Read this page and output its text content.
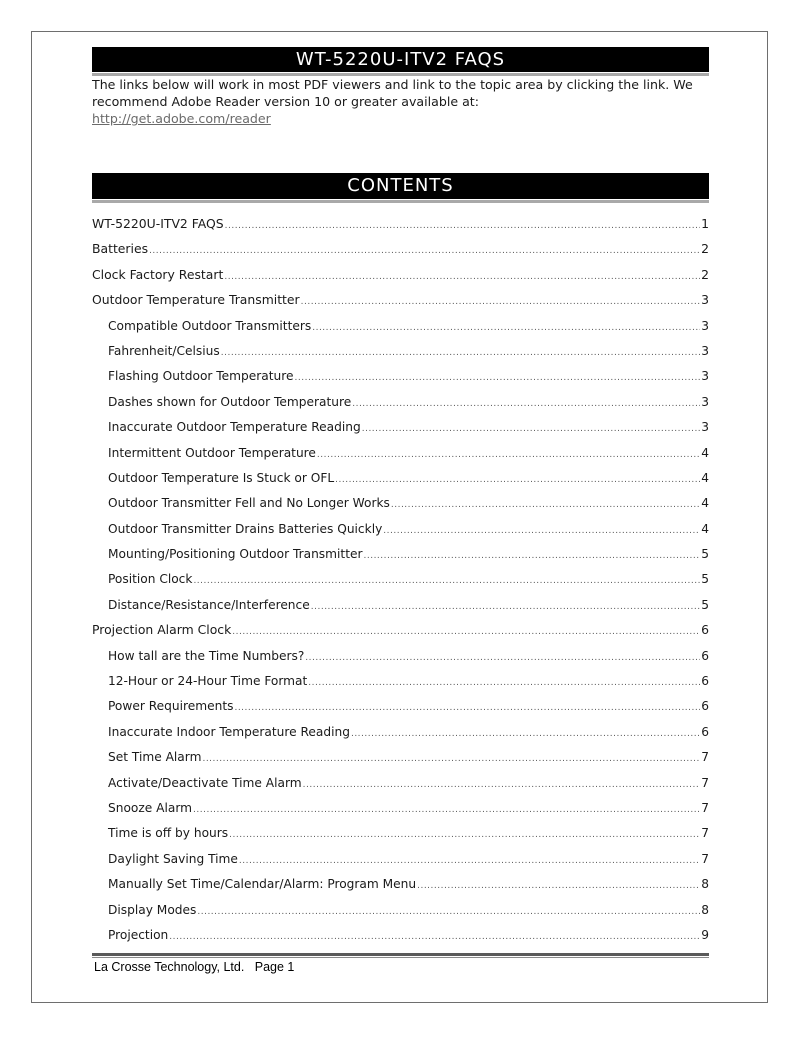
WT-5220U-ITV2 FAQS
The links below will work in most PDF viewers and link to the topic area by clicking the link. We recommend Adobe Reader version 10 or greater available at:
http://get.adobe.com/reader
CONTENTS
WT-5220U-ITV2 FAQS .....	1
Batteries .....	2
Clock Factory Restart .....	2
Outdoor Temperature Transmitter .....	3
Compatible Outdoor Transmitters .....	3
Fahrenheit/Celsius .....	3
Flashing Outdoor Temperature .....	3
Dashes shown for Outdoor Temperature .....	3
Inaccurate Outdoor Temperature Reading .....	3
Intermittent Outdoor Temperature .....	4
Outdoor Temperature Is Stuck or OFL .....	4
Outdoor Transmitter Fell and No Longer Works .....	4
Outdoor Transmitter Drains Batteries Quickly .....	4
Mounting/Positioning Outdoor Transmitter .....	5
Position Clock .....	5
Distance/Resistance/Interference .....	5
Projection Alarm Clock .....	6
How tall are the Time Numbers? .....	6
12-Hour or 24-Hour Time Format .....	6
Power Requirements .....	6
Inaccurate Indoor Temperature Reading .....	6
Set Time Alarm .....	7
Activate/Deactivate Time Alarm .....	7
Snooze Alarm .....	7
Time is off by hours .....	7
Daylight Saving Time .....	7
Manually Set Time/Calendar/Alarm: Program Menu .....	8
Display Modes .....	8
Projection .....	9
La Crosse Technology, Ltd.   Page 1
